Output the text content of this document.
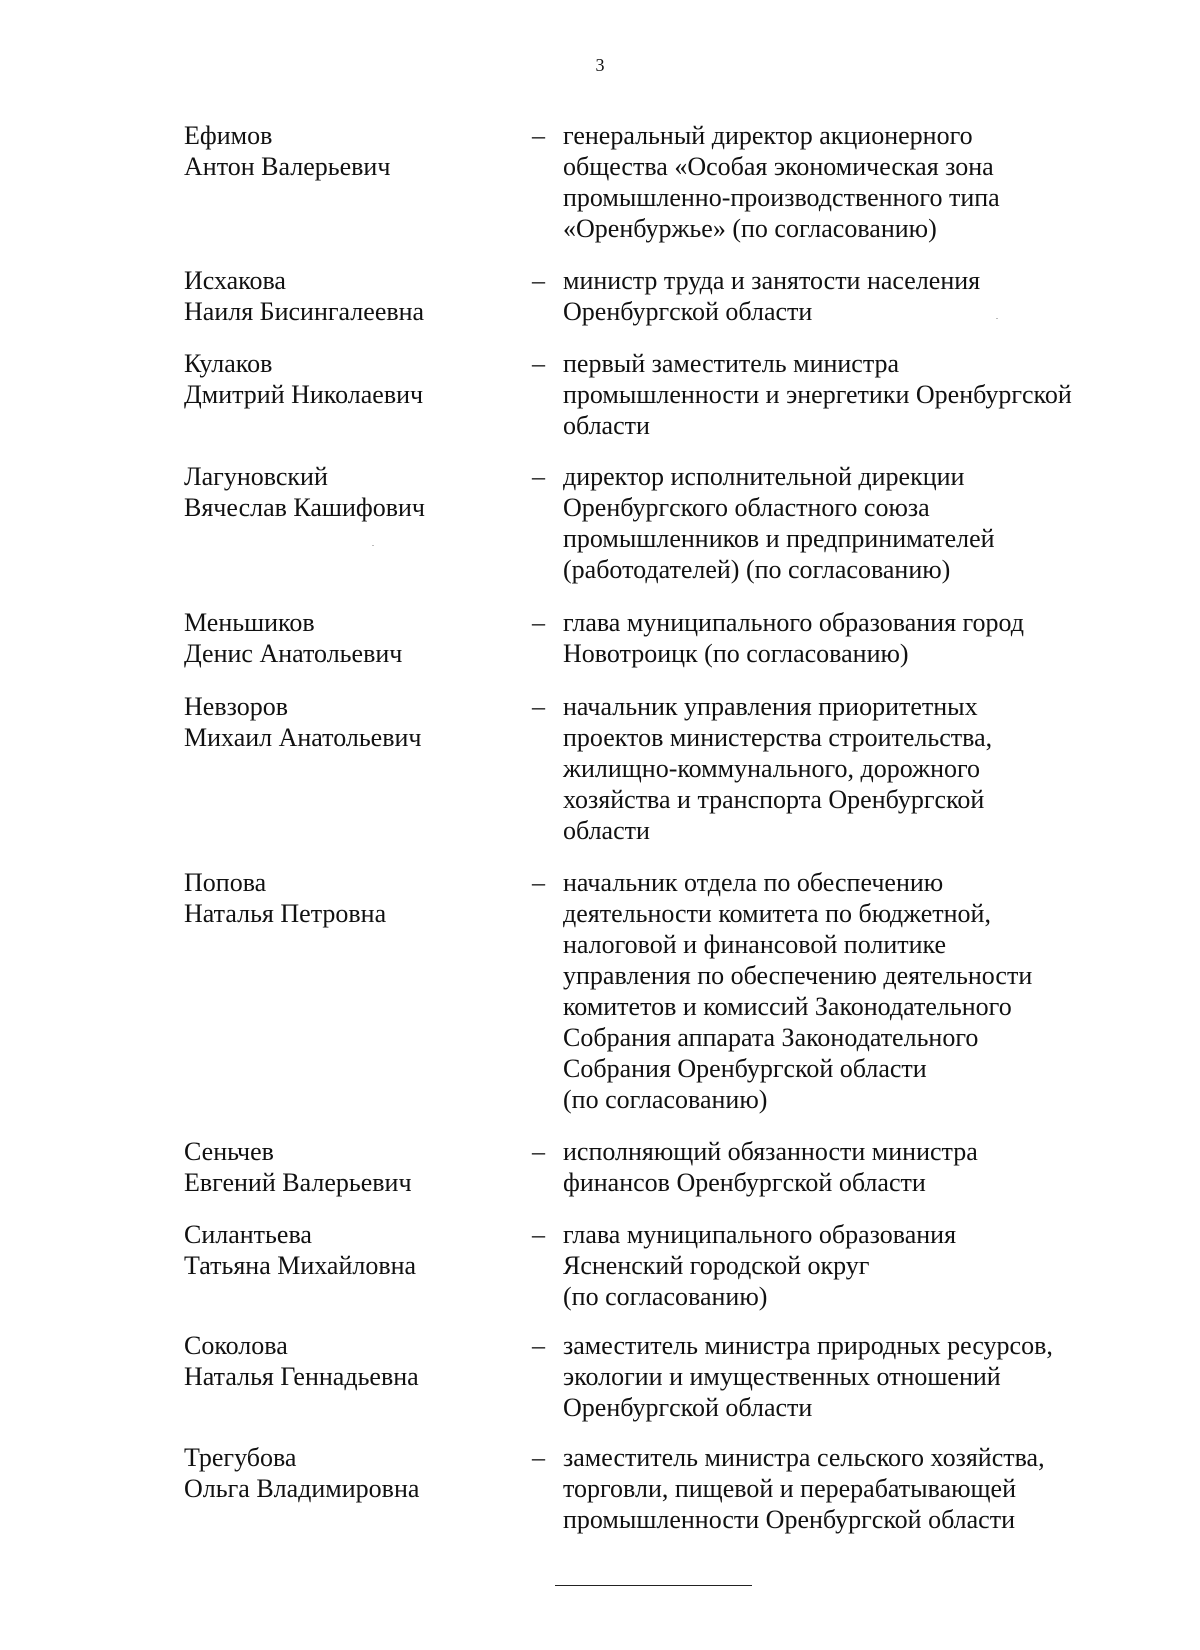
3
Ефимов
Антон Валерьевич
– генеральный директор акционерного
общества «Особая экономическая зона
промышленно-производственного типа
«Оренбуржье» (по согласованию)
Исхакова
Наиля Бисингалеевна
– министр труда и занятости населения
Оренбургской области
Кулаков
Дмитрий Николаевич
– первый заместитель министра
промышленности и энергетики Оренбургской
области
Лагуновский
Вячеслав Кашифович
– директор исполнительной дирекции
Оренбургского областного союза
промышленников и предпринимателей
(работодателей) (по согласованию)
Меньшиков
Денис Анатольевич
– глава муниципального образования город
Новотроицк (по согласованию)
Невзоров
Михаил Анатольевич
– начальник управления приоритетных
проектов министерства строительства,
жилищно-коммунального, дорожного
хозяйства и транспорта Оренбургской
области
Попова
Наталья Петровна
– начальник отдела по обеспечению
деятельности комитета по бюджетной,
налоговой и финансовой политике
управления по обеспечению деятельности
комитетов и комиссий Законодательного
Собрания аппарата Законодательного
Собрания Оренбургской области
(по согласованию)
Сеньчев
Евгений Валерьевич
– исполняющий обязанности министра
финансов Оренбургской области
Силантьева
Татьяна Михайловна
– глава муниципального образования
Ясненский городской округ
(по согласованию)
Соколова
Наталья Геннадьевна
– заместитель министра природных ресурсов,
экологии и имущественных отношений
Оренбургской области
Трегубова
Ольга Владимировна
– заместитель министра сельского хозяйства,
торговли, пищевой и перерабатывающей
промышленности Оренбургской области
